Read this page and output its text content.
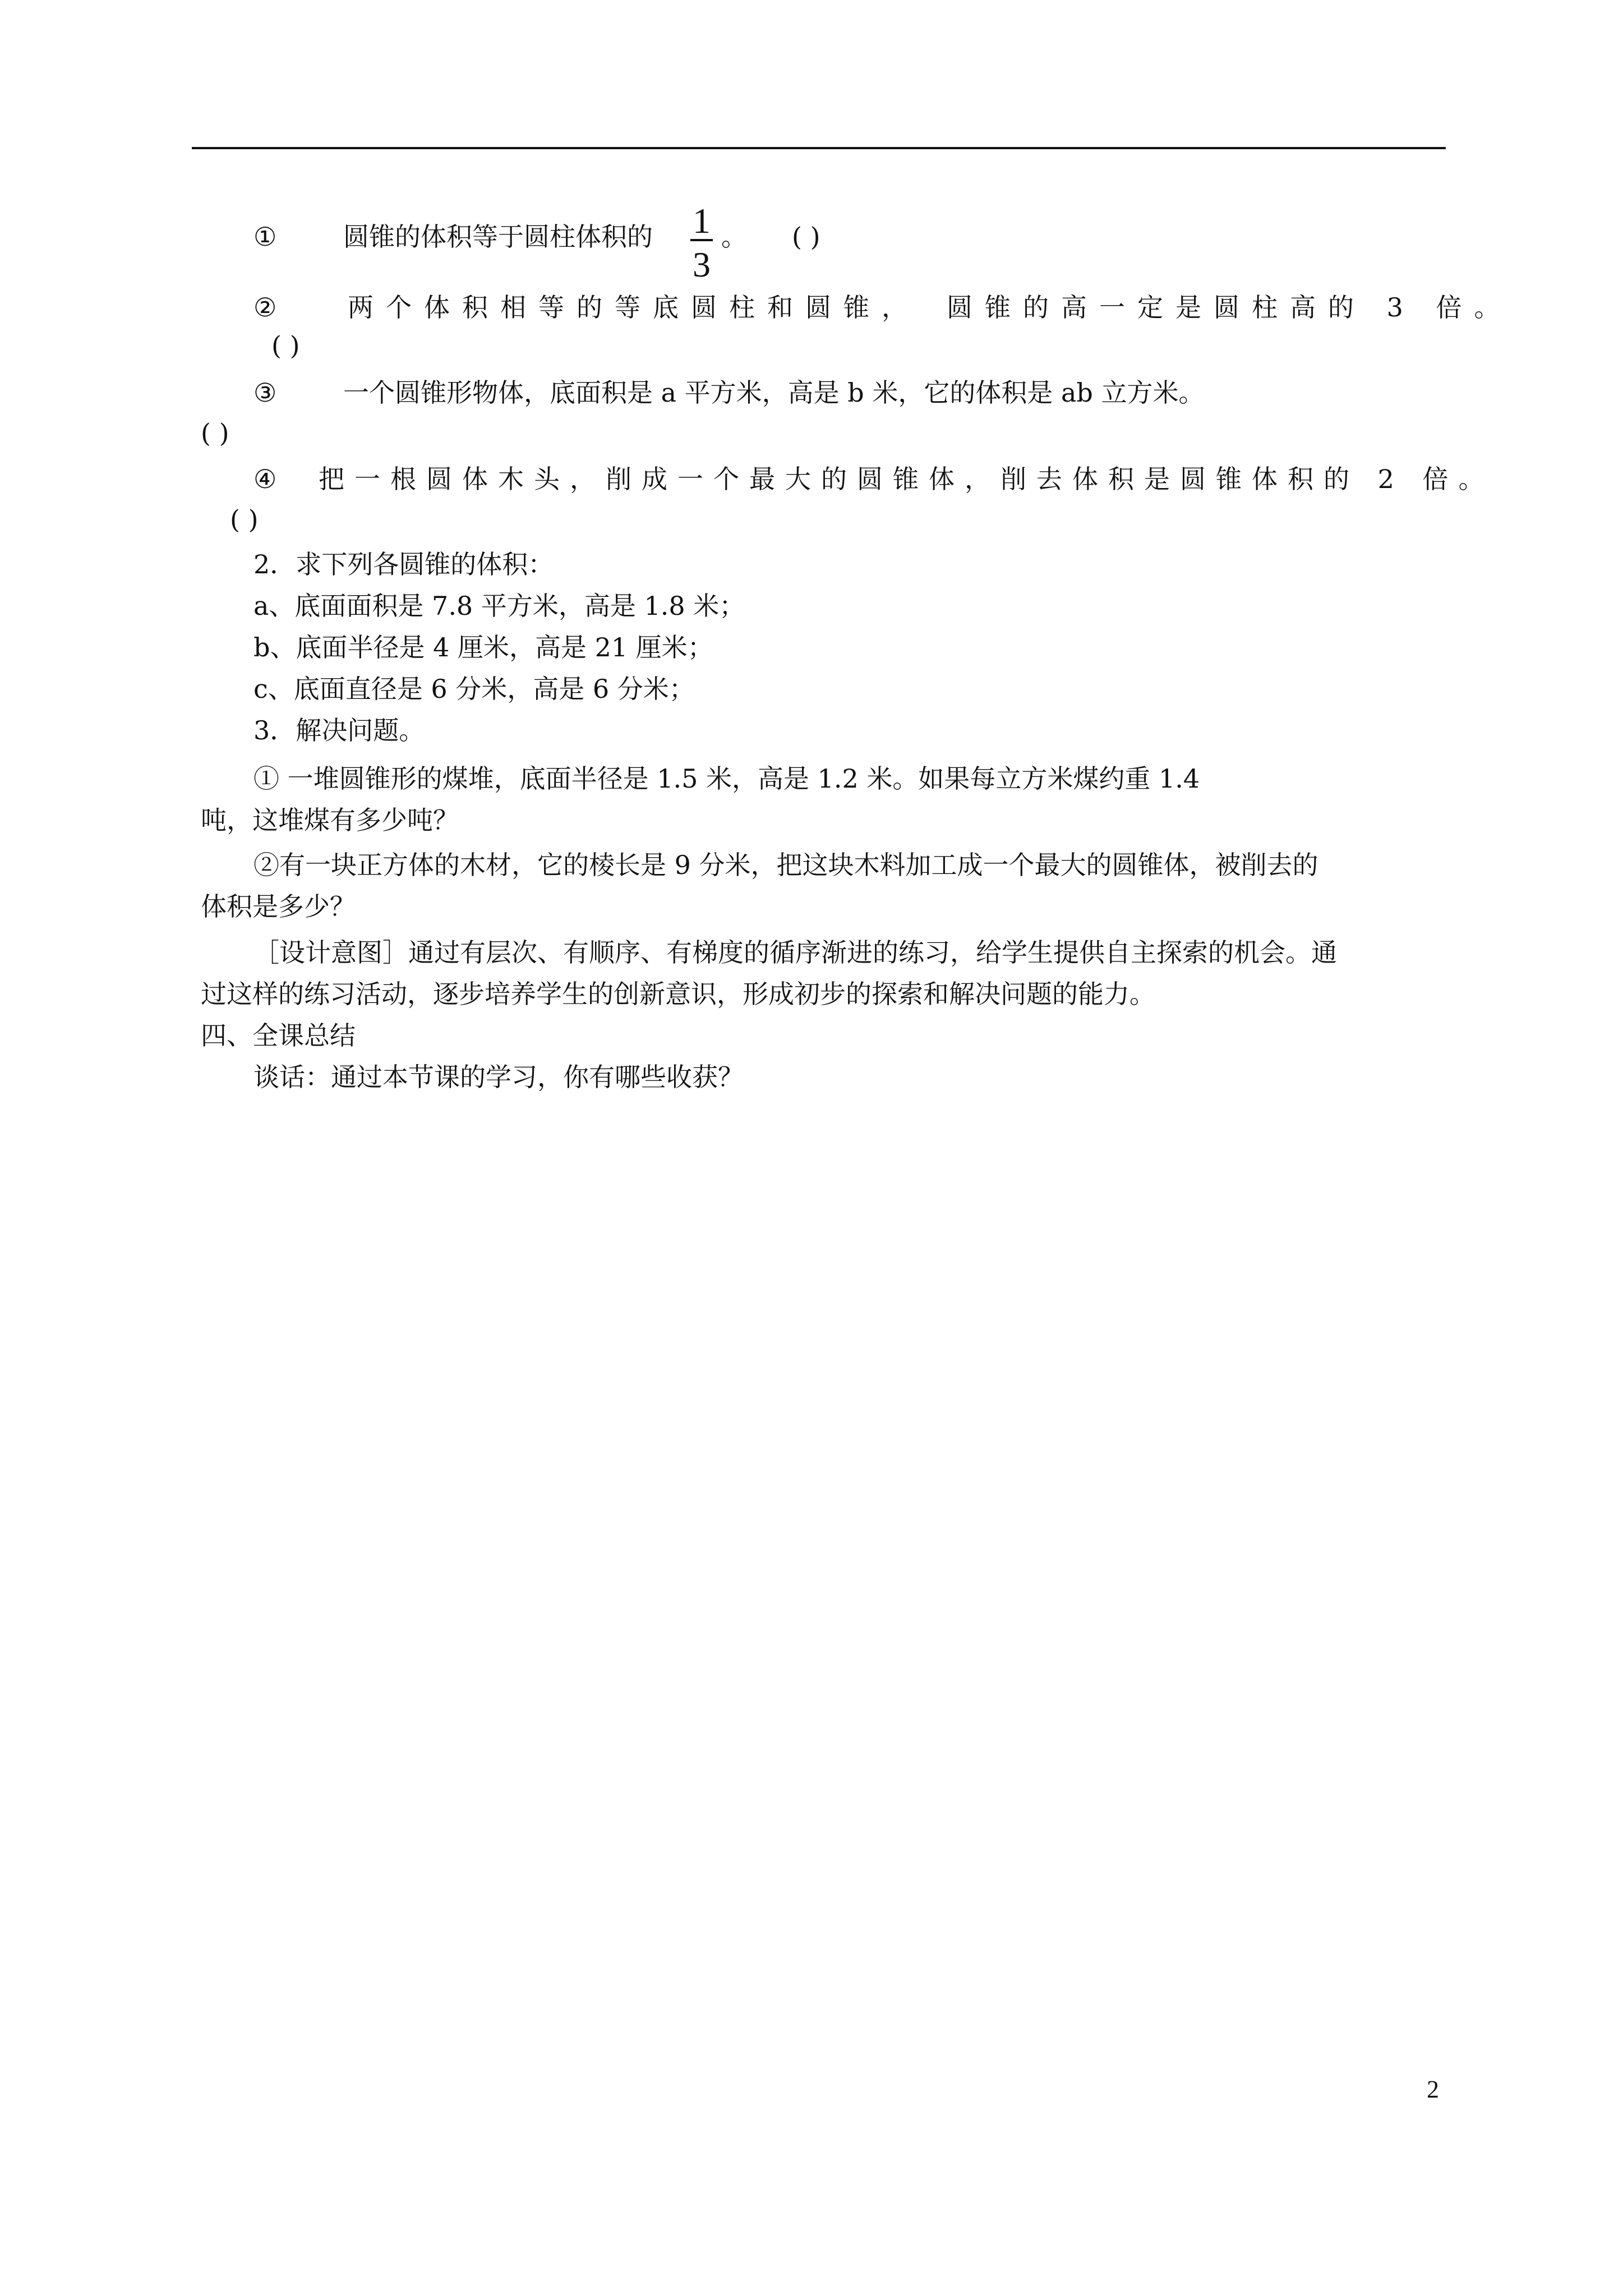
①	圆锥的体积等于圆柱体积的 1
3
。 ( )
②	两个体积相等的等底圆柱和圆锥， 圆锥的高一定是圆柱高的 3 倍。
( )
③	一个圆锥形物体，底面积是 a 平方米，高是 b 米，它的体积是 ab 立方米。
( )
④ 把一根圆体木头，削成一个最大的圆锥体，削去体积是圆锥体积的 2 倍。
( )
2．求下列各圆锥的体积：
a、底面面积是 7.8 平方米，高是 1.8 米；
b、底面半径是 4 厘米，高是 21 厘米；
c、底面直径是 6 分米，高是 6 分米；
3．解决问题。
① 一堆圆锥形的煤堆，底面半径是 1.5 米，高是 1.2 米。如果每立方米煤约重 1.4
吨，这堆煤有多少吨？
②有一块正方体的木材，它的棱长是 9 分米，把这块木料加工成一个最大的圆锥体，被削去的
体积是多少？
［设计意图］通过有层次、有顺序、有梯度的循序渐进的练习，给学生提供自主探索的机会。通
过这样的练习活动，逐步培养学生的创新意识，形成初步的探索和解决问题的能力。
四、全课总结
谈话：通过本节课的学习，你有哪些收获？
2
